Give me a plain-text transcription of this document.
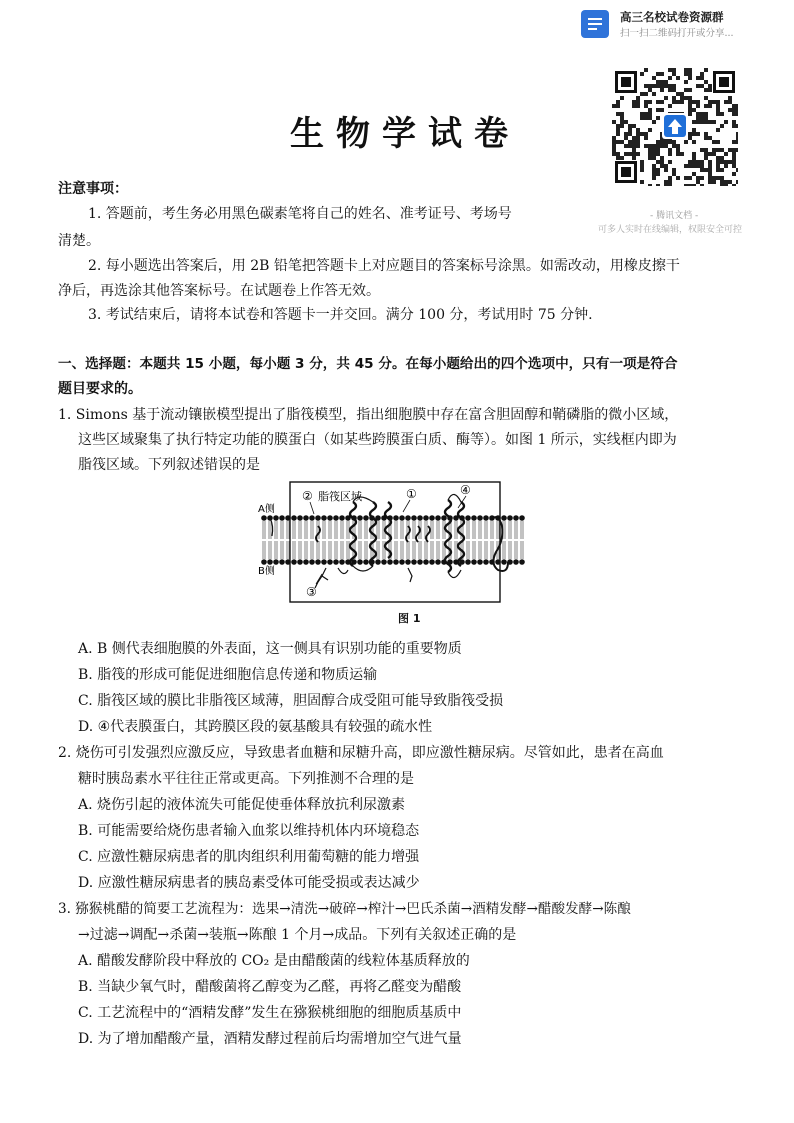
高三名校试卷资源群
扫一扫二维码打开或分享...
- 腾讯文档 -
可多人实时在线编辑，权限安全可控
生物学试卷
注意事项：
1. 答题前，考生务必用黑色碳素笔将自己的姓名、准考证号、考场号
清楚。
2. 每小题选出答案后，用 2B 铅笔把答题卡上对应题目的答案标号涂黑。如需改动，用橡皮擦干
净后，再选涂其他答案标号。在试题卷上作答无效。
3. 考试结束后，请将本试卷和答题卡一并交回。满分 100 分，考试用时 75 分钟.
一、选择题：本题共 15 小题，每小题 3 分，共 45 分。在每小题给出的四个选项中，只有一项是符合
题目要求的。
1. Simons 基于流动镶嵌模型提出了脂筏模型，指出细胞膜中存在富含胆固醇和鞘磷脂的微小区域，
这些区域聚集了执行特定功能的膜蛋白（如某些跨膜蛋白质、酶等）。如图 1 所示，实线框内即为
脂筏区域。下列叙述错误的是
A侧
B侧
② 脂筏区域	①	④
③
图 1
A. B 侧代表细胞膜的外表面，这一侧具有识别功能的重要物质
B. 脂筏的形成可能促进细胞信息传递和物质运输
C. 脂筏区域的膜比非脂筏区域薄，胆固醇合成受阻可能导致脂筏受损
D. ④代表膜蛋白，其跨膜区段的氨基酸具有较强的疏水性
2. 烧伤可引发强烈应激反应，导致患者血糖和尿糖升高，即应激性糖尿病。尽管如此，患者在高血
糖时胰岛素水平往往正常或更高。下列推测不合理的是
A. 烧伤引起的液体流失可能促使垂体释放抗利尿激素
B. 可能需要给烧伤患者输入血浆以维持机体内环境稳态
C. 应激性糖尿病患者的肌肉组织利用葡萄糖的能力增强
D. 应激性糖尿病患者的胰岛素受体可能受损或表达减少
3. 猕猴桃醋的简要工艺流程为：选果→清洗→破碎→榨汁→巴氏杀菌→酒精发酵→醋酸发酵→陈酿
→过滤→调配→杀菌→装瓶→陈酿 1 个月→成品。下列有关叙述正确的是
A. 醋酸发酵阶段中释放的 CO₂ 是由醋酸菌的线粒体基质释放的
B. 当缺少氧气时，醋酸菌将乙醇变为乙醛，再将乙醛变为醋酸
C. 工艺流程中的“酒精发酵”发生在猕猴桃细胞的细胞质基质中
D. 为了增加醋酸产量，酒精发酵过程前后均需增加空气进气量
